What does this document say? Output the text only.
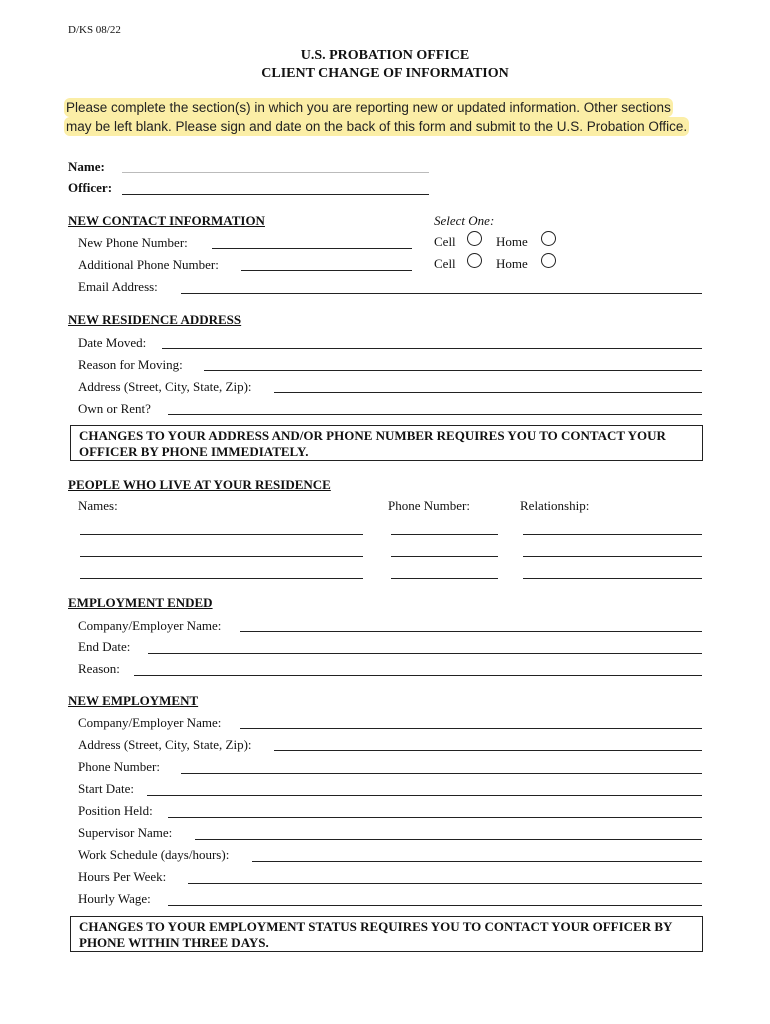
D/KS 08/22
U.S. PROBATION OFFICE
CLIENT CHANGE OF INFORMATION
Please complete the section(s) in which you are reporting new or updated information. Other sections
may be left blank. Please sign and date on the back of this form and submit to the U.S. Probation Office.
Name:
Officer:
NEW CONTACT INFORMATION	Select One:
New Phone Number:	Cell	Home
Additional Phone Number:	Cell	Home
Email Address:
NEW RESIDENCE ADDRESS
Date Moved:
Reason for Moving:
Address (Street, City, State, Zip):
Own or Rent?
CHANGES TO YOUR ADDRESS AND/OR PHONE NUMBER REQUIRES YOU TO CONTACT YOUR OFFICER BY PHONE IMMEDIATELY.
PEOPLE WHO LIVE AT YOUR RESIDENCE
Names:	Phone Number:	Relationship:
EMPLOYMENT ENDED
Company/Employer Name:
End Date:
Reason:
NEW EMPLOYMENT
Company/Employer Name:
Address (Street, City, State, Zip):
Phone Number:
Start Date:
Position Held:
Supervisor Name:
Work Schedule (days/hours):
Hours Per Week:
Hourly Wage:
CHANGES TO YOUR EMPLOYMENT STATUS REQUIRES YOU TO CONTACT YOUR OFFICER BY PHONE WITHIN THREE DAYS.
